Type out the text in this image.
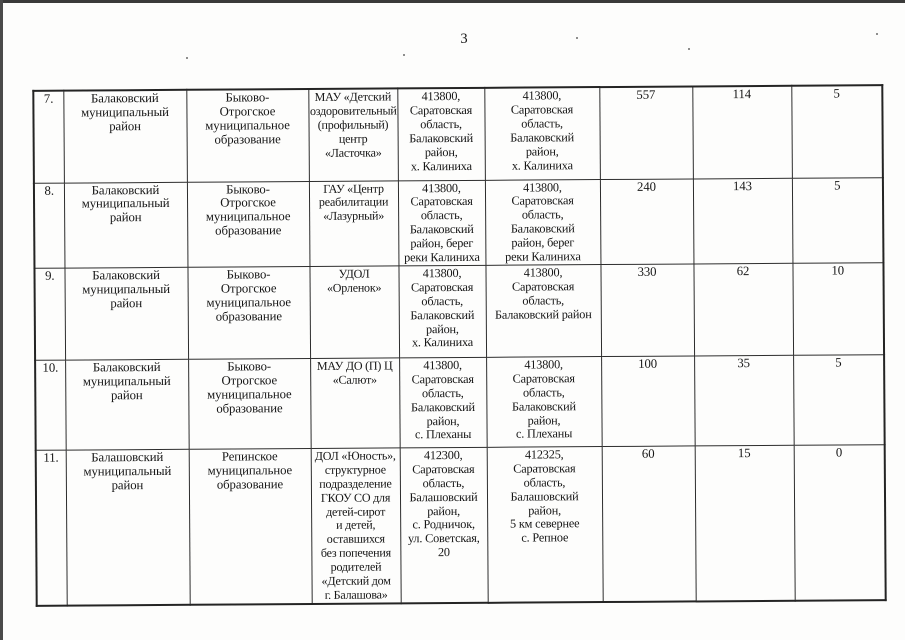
3
7.	Балаковский
муниципальный
район	Быково-
Отрогское
муниципальное
образование	МАУ «Детский
оздоровительный
(профильный)
центр
«Ласточка»	413800,
Саратовская
область,
Балаковский
район,
х. Калиниха	413800,
Саратовская
область,
Балаковский
район,
х. Калиниха	557	114	5
8.	Балаковский
муниципальный
район	Быково-
Отрогское
муниципальное
образование	ГАУ «Центр
реабилитации
«Лазурный»	413800,
Саратовская
область,
Балаковский
район, берег
реки Калиниха	413800,
Саратовская
область,
Балаковский
район, берег
реки Калиниха	240	143	5
9.	Балаковский
муниципальный
район	Быково-
Отрогское
муниципальное
образование	УДОЛ
«Орленок»	413800,
Саратовская
область,
Балаковский
район,
х. Калиниха	413800,
Саратовская
область,
Балаковский район	330	62	10
10.	Балаковский
муниципальный
район	Быково-
Отрогское
муниципальное
образование	МАУ ДО (П) Ц
«Салют»	413800,
Саратовская
область,
Балаковский
район,
с. Плеханы	413800,
Саратовская
область,
Балаковский
район,
с. Плеханы	100	35	5
11.	Балашовский
муниципальный
район	Репинское
муниципальное
образование	ДОЛ «Юность»,
структурное
подразделение
ГКОУ СО для
детей-сирот
и детей,
оставшихся
без попечения
родителей
«Детский дом
г. Балашова»	412300,
Саратовская
область,
Балашовский
район,
с. Родничок,
ул. Советская,
20	412325,
Саратовская
область,
Балашовский
район,
5 км севернее
с. Репное	60	15	0
